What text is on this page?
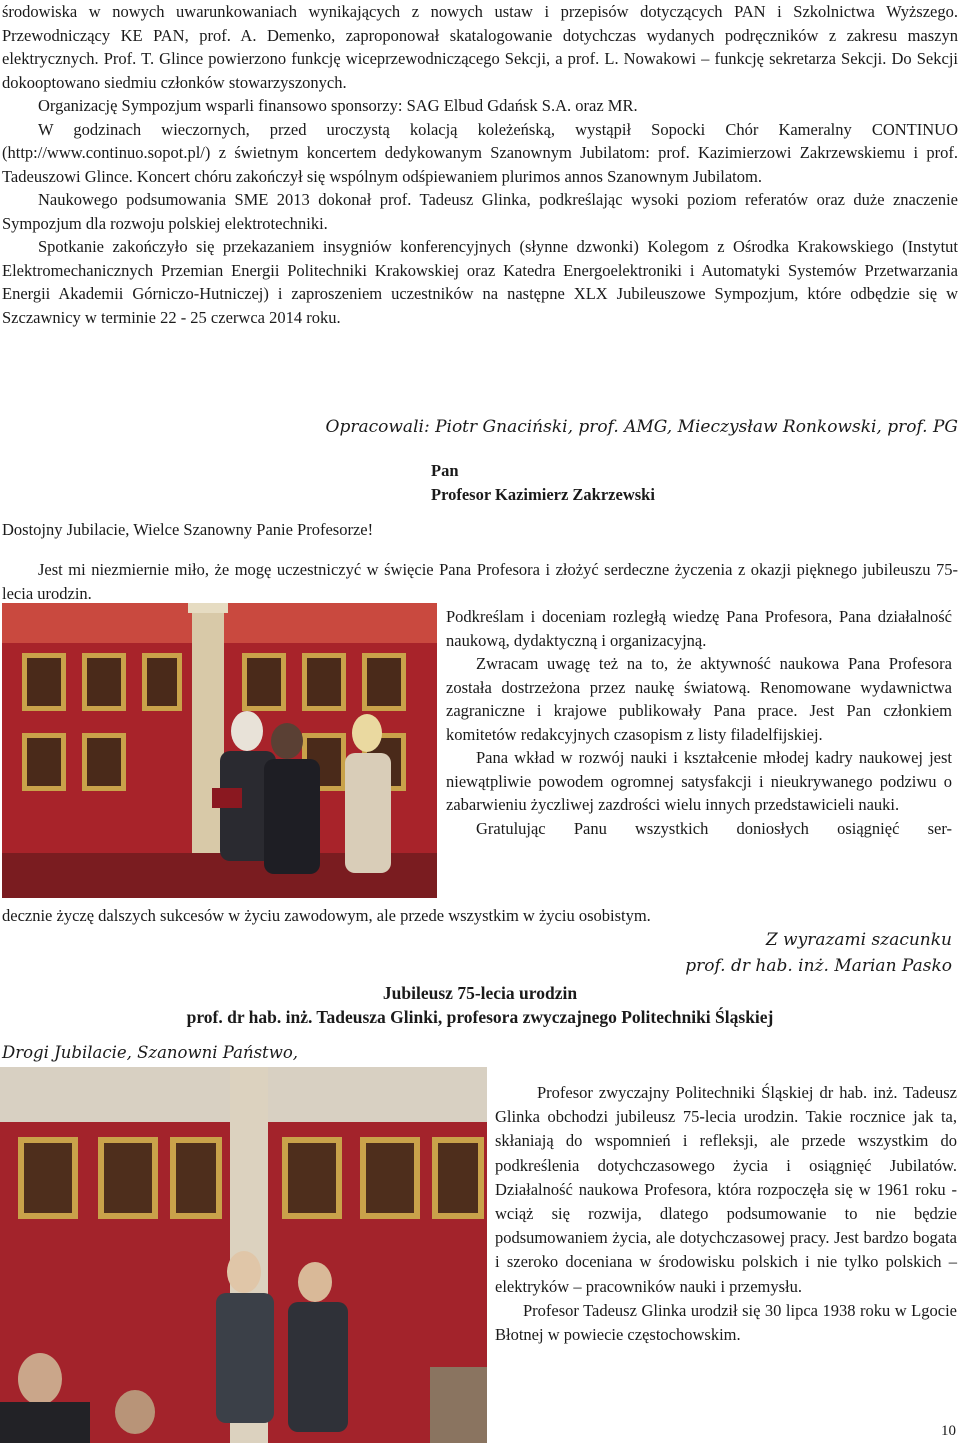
środowiska w nowych uwarunkowaniach wynikających z nowych ustaw i przepisów dotyczących PAN i Szkolnictwa Wyższego. Przewodniczący KE PAN, prof. A. Demenko, zaproponował skatalogowanie dotychczas wydanych podręczników z zakresu maszyn elektrycznych. Prof. T. Glince powierzono funkcję wiceprzewodniczącego Sekcji, a prof. L. Nowakowi – funkcję sekretarza Sekcji. Do Sekcji dokooptowano siedmiu członków stowarzyszonych.

Organizację Sympozjum wsparli finansowo sponsorzy: SAG Elbud Gdańsk S.A. oraz MR.

W godzinach wieczornych, przed uroczystą kolacją koleżeńską, wystąpił Sopocki Chór Kameralny CONTINUO (http://www.continuo.sopot.pl/) z świetnym koncertem dedykowanym Szanownym Jubilatom: prof. Kazimierzowi Zakrzewskiemu i prof. Tadeuszowi Glince. Koncert chóru zakończył się wspólnym odśpiewaniem plurimos annos Szanownym Jubilatom.

Naukowego podsumowania SME 2013 dokonał prof. Tadeusz Glinka, podkreślając wysoki poziom referatów oraz duże znaczenie Sympozjum dla rozwoju polskiej elektrotechniki.

Spotkanie zakończyło się przekazaniem insygniów konferencyjnych (słynne dzwonki) Kolegom z Ośrodka Krakowskiego (Instytut Elektromechanicznych Przemian Energii Politechniki Krakowskiej oraz Katedra Energoelektroniki i Automatyki Systemów Przetwarzania Energii Akademii Górniczo-Hutniczej) i zaproszeniem uczestników na następne XLX Jubileuszowe Sympozjum, które odbędzie się w Szczawnicy w terminie 22 - 25 czerwca 2014 roku.

Opracowali: Piotr Gnaciński, prof. AMG, Mieczysław Ronkowski, prof. PG
Pan
Profesor Kazimierz Zakrzewski
Dostojny Jubilacie, Wielce Szanowny Panie Profesorze!

Jest mi niezmiernie miło, że mogę uczestniczyć w święcie Pana Profesora i złożyć serdeczne życzenia z okazji pięknego jubileuszu 75-lecia urodzin.

Podkreślam i doceniam rozległą wiedzę Pana Profesora, Pana działalność naukową, dydaktyczną i organizacyjną.

Zwracam uwagę też na to, że aktywność naukowa Pana Profesora została dostrzeżona przez naukę światową. Renomowane wydawnictwa zagraniczne i krajowe publikowały Pana prace. Jest Pan członkiem komitetów redakcyjnych czasopism z listy filadelfijskiej.

Pana wkład w rozwój nauki i kształcenie młodej kadry naukowej jest niewątpliwie powodem ogromnej satysfakcji i nieukrywanego podziwu o zabarwieniu życzliwej zazdrości wielu innych przedstawicieli nauki.

Gratulując Panu wszystkich doniosłych osiągnięć ser-

decznie życzę dalszych sukcesów w życiu zawodowym, ale przede wszystkim w życiu osobistym.

Z wyrazami szacunku
prof. dr hab. inż. Marian Pasko
Jubileusz 75-lecia urodzin
prof. dr hab. inż. Tadeusza Glinki, profesora zwyczajnego Politechniki Śląskiej
Drogi Jubilacie, Szanowni Państwo,

Profesor zwyczajny Politechniki Śląskiej dr hab. inż. Tadeusz Glinka obchodzi jubileusz 75-lecia urodzin. Takie rocznice jak ta, skłaniają do wspomnień i refleksji, ale przede wszystkim do podkreślenia dotychczasowego życia i osiągnięć Jubilatów. Działalność naukowa Profesora, która rozpoczęła się w 1961 roku - wciąż się rozwija, dlatego podsumowanie to nie będzie podsumowaniem życia, ale dotychczasowej pracy. Jest bardzo bogata i szeroko doceniana w środowisku polskich i nie tylko polskich – elektryków – pracowników nauki i przemysłu.

Profesor Tadeusz Glinka urodził się 30 lipca 1938 roku w Lgocie Błotnej w powiecie częstochowskim.

10
